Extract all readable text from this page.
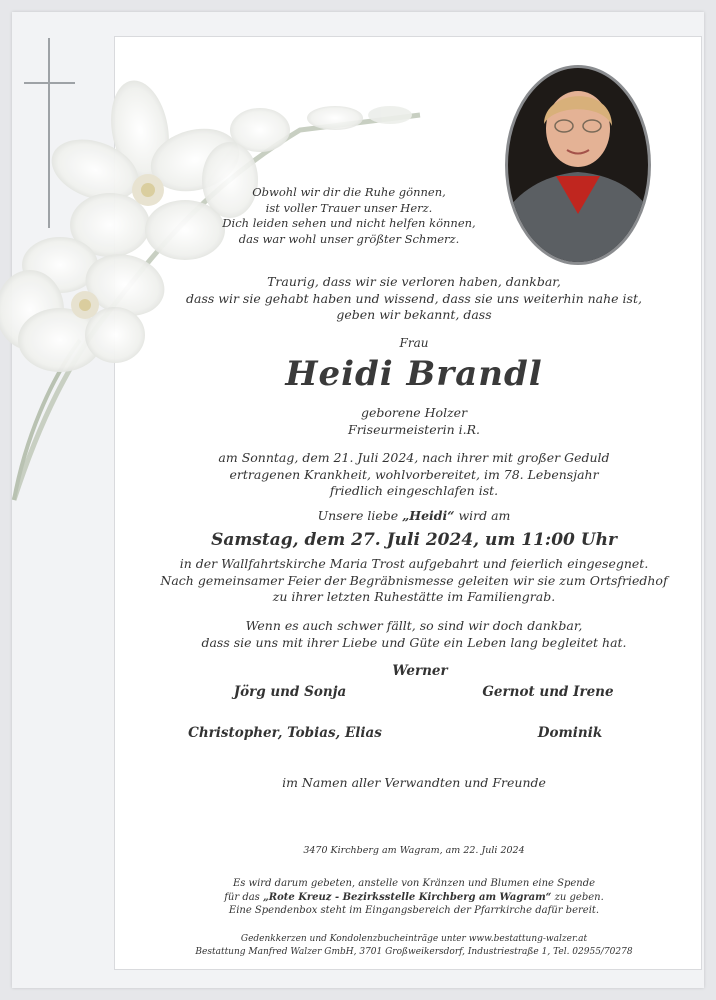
Obwohl wir dir die Ruhe gönnen,
ist voller Trauer unser Herz.
Dich leiden sehen und nicht helfen können,
das war wohl unser größter Schmerz.
Traurig, dass wir sie verloren haben, dankbar,
dass wir sie gehabt haben und wissend, dass sie uns weiterhin nahe ist,
geben wir bekannt, dass
Frau
Heidi Brandl
geborene Holzer
Friseurmeisterin i.R.
am Sonntag, dem 21. Juli 2024, nach ihrer mit großer Geduld
ertragenen Krankheit, wohlvorbereitet, im 78. Lebensjahr
friedlich eingeschlafen ist.
Unsere liebe „Heidi“ wird am
Samstag, dem 27. Juli 2024, um 11:00 Uhr
in der Wallfahrtskirche Maria Trost aufgebahrt und feierlich eingesegnet.
Nach gemeinsamer Feier der Begräbnismesse geleiten wir sie zum Ortsfriedhof
zu ihrer letzten Ruhestätte im Familiengrab.
Wenn es auch schwer fällt, so sind wir doch dankbar,
dass sie uns mit ihrer Liebe und Güte ein Leben lang begleitet hat.
Werner
Jörg und Sonja	Gernot und Irene
Christopher, Tobias, Elias	Dominik
im Namen aller Verwandten und Freunde
3470 Kirchberg am Wagram, am 22. Juli 2024
Es wird darum gebeten, anstelle von Kränzen und Blumen eine Spende
für das „Rote Kreuz - Bezirksstelle Kirchberg am Wagram“ zu geben.
Eine Spendenbox steht im Eingangsbereich der Pfarrkirche dafür bereit.
Gedenkkerzen und Kondolenzbucheinträge unter www.bestattung-walzer.at
Bestattung Manfred Walzer GmbH, 3701 Großweikersdorf, Industriestraße 1, Tel. 02955/70278
